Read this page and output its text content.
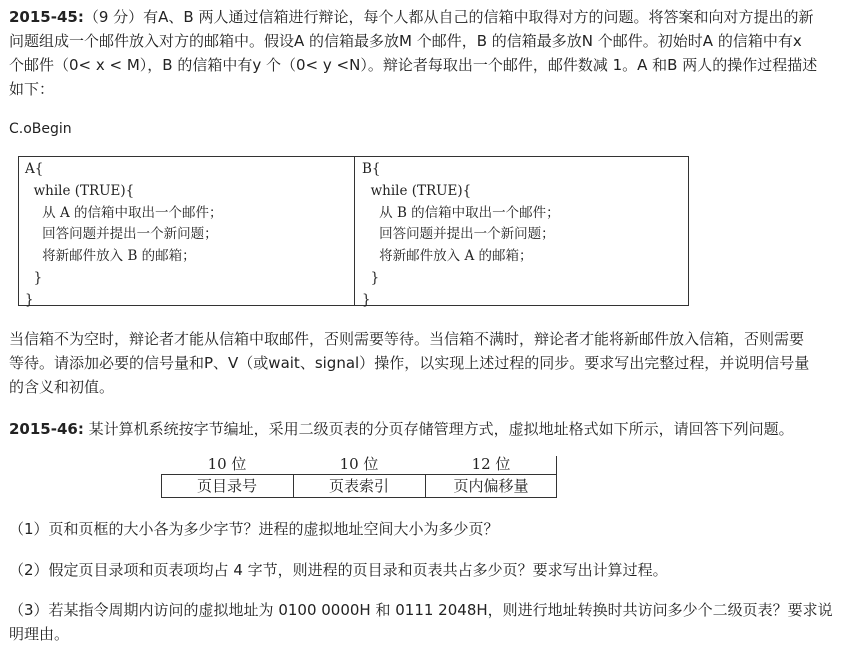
2015-45:（9 分）有A、B 两人通过信箱进行辩论，每个人都从自己的信箱中取得对方的问题。将答案和向对方提出的新

问题组成一个邮件放入对方的邮箱中。假设A 的信箱最多放M 个邮件，B 的信箱最多放N 个邮件。初始时A 的信箱中有x

个邮件（0< x < M），B 的信箱中有y 个（0< y <N）。辩论者每取出一个邮件，邮件数减 1。A 和B 两人的操作过程描述

如下：

C.oBegin

A{
while (TRUE){
从 A 的信箱中取出一个邮件；
回答问题并提出一个新问题；
将新邮件放入 B 的邮箱；
}
}
B{
while (TRUE){
从 B 的信箱中取出一个邮件；
回答问题并提出一个新问题；
将新邮件放入 A 的邮箱；
}
}

当信箱不为空时，辩论者才能从信箱中取邮件，否则需要等待。当信箱不满时，辩论者才能将新邮件放入信箱，否则需要

等待。请添加必要的信号量和P、V（或wait、signal）操作，以实现上述过程的同步。要求写出完整过程，并说明信号量

的含义和初值。

2015-46: 某计算机系统按字节编址，采用二级页表的分页存储管理方式，虚拟地址格式如下所示，请回答下列问题。

10 位	10 位	12 位
页目录号	页表索引	页内偏移量

（1）页和页框的大小各为多少字节？进程的虚拟地址空间大小为多少页？

（2）假定页目录项和页表项均占 4 字节，则进程的页目录和页表共占多少页？要求写出计算过程。

（3）若某指令周期内访问的虚拟地址为 0100 0000H 和 0111 2048H，则进行地址转换时共访问多少个二级页表？要求说

明理由。
